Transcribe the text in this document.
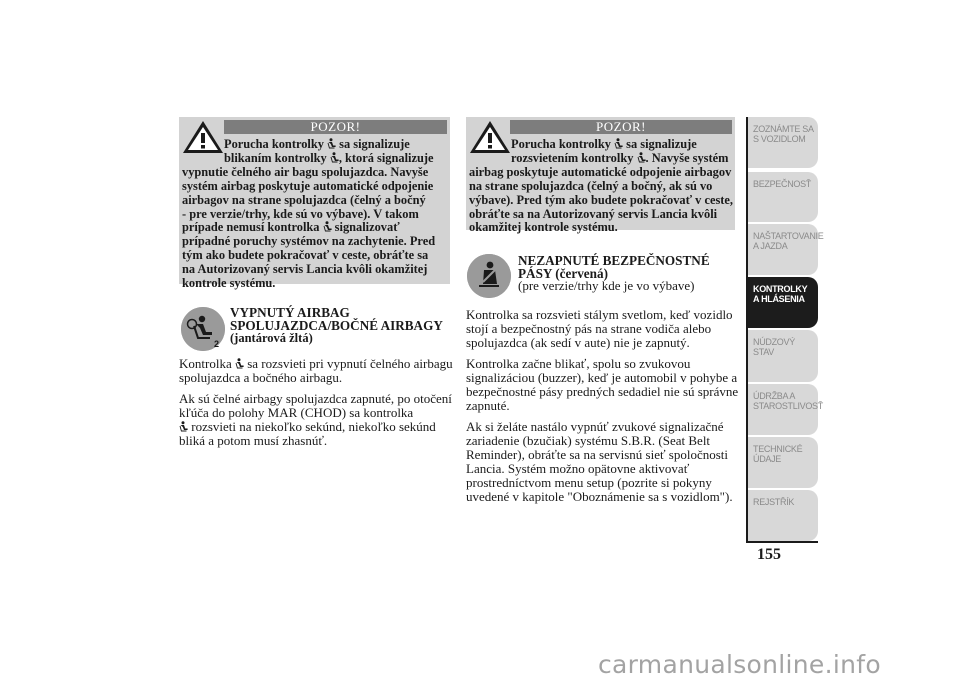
POZOR!
Porucha kontrolky
sa signalizuje
blikaním kontrolky
, ktorá signalizuje
vypnutie čelného air bagu spolujazdca. Navyše
systém airbag poskytuje automatické odpojenie
airbagov na strane spolujazdca (čelný a bočný
- pre verzie/trhy, kde sú vo výbave). V takom
prípade nemusí kontrolka
signalizovať
prípadné poruchy systémov na zachytenie. Pred
tým ako budete pokračovať v ceste, obráťte sa
na Autorizovaný servis Lancia kvôli okamžitej
kontrole systému.
2
VYPNUTÝ AIRBAG
SPOLUJAZDCA/BOČNÉ AIRBAGY
(jantárová žltá)
Kontrolka
sa rozsvieti pri vypnutí čelného airbagu
spolujazdca a bočného airbagu.
Ak sú čelné airbagy spolujazdca zapnuté, po otočení
kľúča do polohy MAR (CHOD) sa kontrolka
rozsvieti na niekoľko sekúnd, niekoľko sekúnd
bliká a potom musí zhasnúť.
POZOR!
Porucha kontrolky
sa signalizuje
rozsvietením kontrolky
. Navyše systém
airbag poskytuje automatické odpojenie airbagov
na strane spolujazdca (čelný a bočný, ak sú vo
výbave). Pred tým ako budete pokračovať v ceste,
obráťte sa na Autorizovaný servis Lancia kvôli
okamžitej kontrole systému.
NEZAPNUTÉ BEZPEČNOSTNÉ
PÁSY (červená)
(pre verzie/trhy kde je vo výbave)
Kontrolka sa rozsvieti stálym svetlom, keď vozidlo
stojí a bezpečnostný pás na strane vodiča alebo
spolujazdca (ak sedí v aute) nie je zapnutý.
Kontrolka začne blikať, spolu so zvukovou
signalizáciou (buzzer), keď je automobil v pohybe a
bezpečnostné pásy predných sedadiel nie sú správne
zapnuté.
Ak si želáte nastálo vypnúť zvukové signalizačné
zariadenie (bzučiak) systému S.B.R. (Seat Belt
Reminder), obráťte sa na servisnú sieť spoločnosti
Lancia. Systém možno opätovne aktivovať
prostredníctvom menu setup (pozrite si pokyny
uvedené v kapitole "Oboznámenie sa s vozidlom").
ZOZNÁMTE SA S VOZIDLOM
BEZPEČNOSŤ
NAŠTARTOVANIE A JAZDA
KONTROLKY A HLÁSENIA
NÚDZOVÝ STAV
ÚDRŽBA A STAROSTLIVOSŤ
TECHNICKÉ ÚDAJE
REJSTŘÍK
155
carmanualsonline.info
